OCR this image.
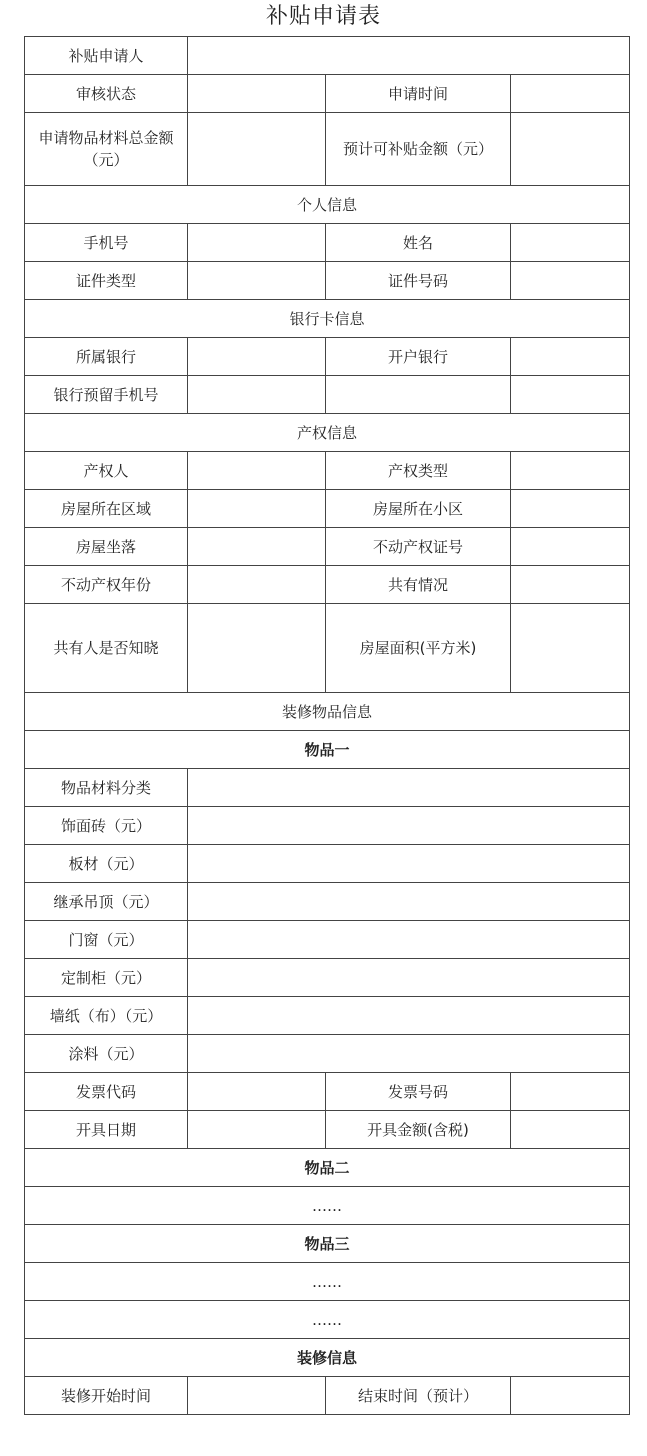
补贴申请表
补贴申请人			
审核状态		申请时间	
申请物品材料总金额（元）		预计可补贴金额（元）	
个人信息			
手机号		姓名	
证件类型		证件号码	
银行卡信息			
所属银行		开户银行	
银行预留手机号			
产权信息			
产权人		产权类型	
房屋所在区域		房屋所在小区	
房屋坐落		不动产权证号	
不动产权年份		共有情况	
共有人是否知晓		房屋面积(平方米)	
装修物品信息			
物品一			
物品材料分类			
饰面砖（元）			
板材（元）			
继承吊顶（元）			
门窗（元）			
定制柜（元）			
墙纸（布）（元）			
涂料（元）			
发票代码		发票号码	
开具日期		开具金额(含税)	
物品二			
……			
物品三			
……			
……			
装修信息			
装修开始时间		结束时间（预计）	
